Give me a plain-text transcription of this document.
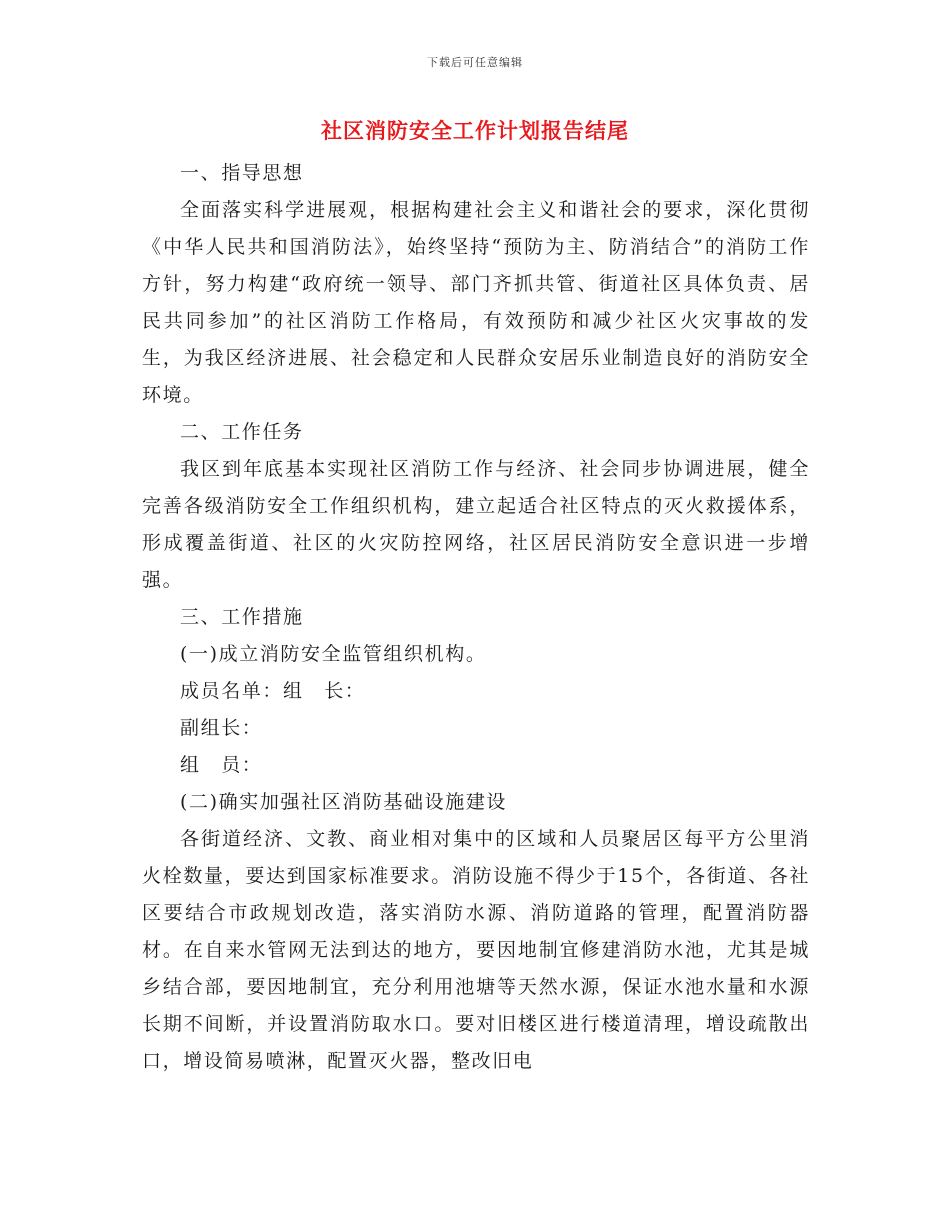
下载后可任意编辑
社区消防安全工作计划报告结尾

一、指导思想

全面落实科学进展观，根据构建社会主义和谐社会的要求，深化贯彻《中华人民共和国消防法》，始终坚持“预防为主、防消结合”的消防工作方针，努力构建“政府统一领导、部门齐抓共管、街道社区具体负责、居民共同参加”的社区消防工作格局，有效预防和减少社区火灾事故的发生，为我区经济进展、社会稳定和人民群众安居乐业制造良好的消防安全环境。

二、工作任务

我区到年底基本实现社区消防工作与经济、社会同步协调进展，健全完善各级消防安全工作组织机构，建立起适合社区特点的灭火救援体系，形成覆盖街道、社区的火灾防控网络，社区居民消防安全意识进一步增强。

三、工作措施

(一)成立消防安全监管组织机构。

成员名单：组　长：

副组长：

组　员：

(二)确实加强社区消防基础设施建设

各街道经济、文教、商业相对集中的区域和人员聚居区每平方公里消火栓数量，要达到国家标准要求。消防设施不得少于15个，各街道、各社区要结合市政规划改造，落实消防水源、消防道路的管理，配置消防器材。在自来水管网无法到达的地方，要因地制宜修建消防水池，尤其是城乡结合部，要因地制宜，充分利用池塘等天然水源，保证水池水量和水源长期不间断，并设置消防取水口。要对旧楼区进行楼道清理，增设疏散出口，增设简易喷淋，配置灭火器，整改旧电
